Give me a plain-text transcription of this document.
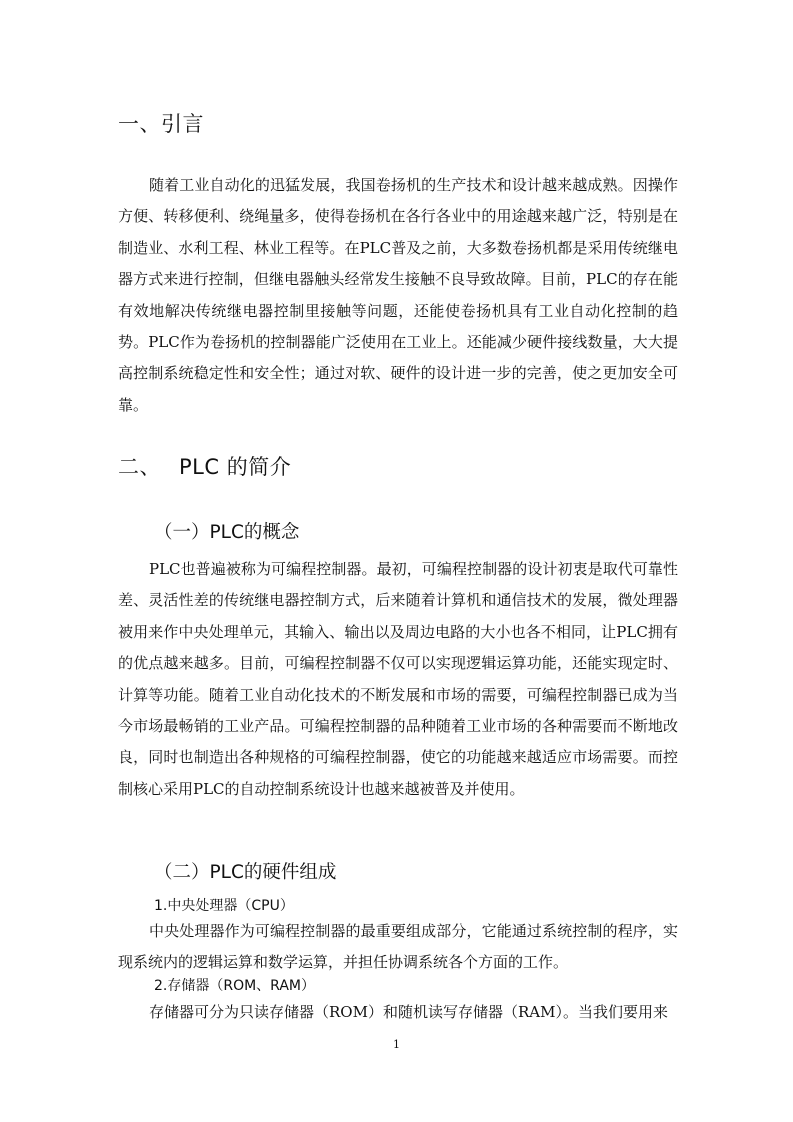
一、引言

随着工业自动化的迅猛发展，我国卷扬机的生产技术和设计越来越成熟。因操作方便、转移便利、绕绳量多，使得卷扬机在各行各业中的用途越来越广泛，特别是在制造业、水利工程、林业工程等。在PLC普及之前，大多数卷扬机都是采用传统继电器方式来进行控制，但继电器触头经常发生接触不良导致故障。目前，PLC的存在能有效地解决传统继电器控制里接触等问题，还能使卷扬机具有工业自动化控制的趋势。PLC作为卷扬机的控制器能广泛使用在工业上。还能减少硬件接线数量，大大提高控制系统稳定性和安全性；通过对软、硬件的设计进一步的完善，使之更加安全可靠。

二、 PLC 的简介
（一）PLC的概念

PLC也普遍被称为可编程控制器。最初，可编程控制器的设计初衷是取代可靠性差、灵活性差的传统继电器控制方式，后来随着计算机和通信技术的发展，微处理器被用来作中央处理单元，其输入、输出以及周边电路的大小也各不相同，让PLC拥有的优点越来越多。目前，可编程控制器不仅可以实现逻辑运算功能，还能实现定时、计算等功能。随着工业自动化技术的不断发展和市场的需要，可编程控制器已成为当今市场最畅销的工业产品。可编程控制器的品种随着工业市场的各种需要而不断地改良，同时也制造出各种规格的可编程控制器，使它的功能越来越适应市场需要。而控制核心采用PLC的自动控制系统设计也越来越被普及并使用。

（二）PLC的硬件组成
1.中央处理器（CPU）

中央处理器作为可编程控制器的最重要组成部分，它能通过系统控制的程序，实现系统内的逻辑运算和数学运算，并担任协调系统各个方面的工作。

2.存储器（ROM、RAM）

存储器可分为只读存储器（ROM）和随机读写存储器（RAM）。当我们要用来

1
